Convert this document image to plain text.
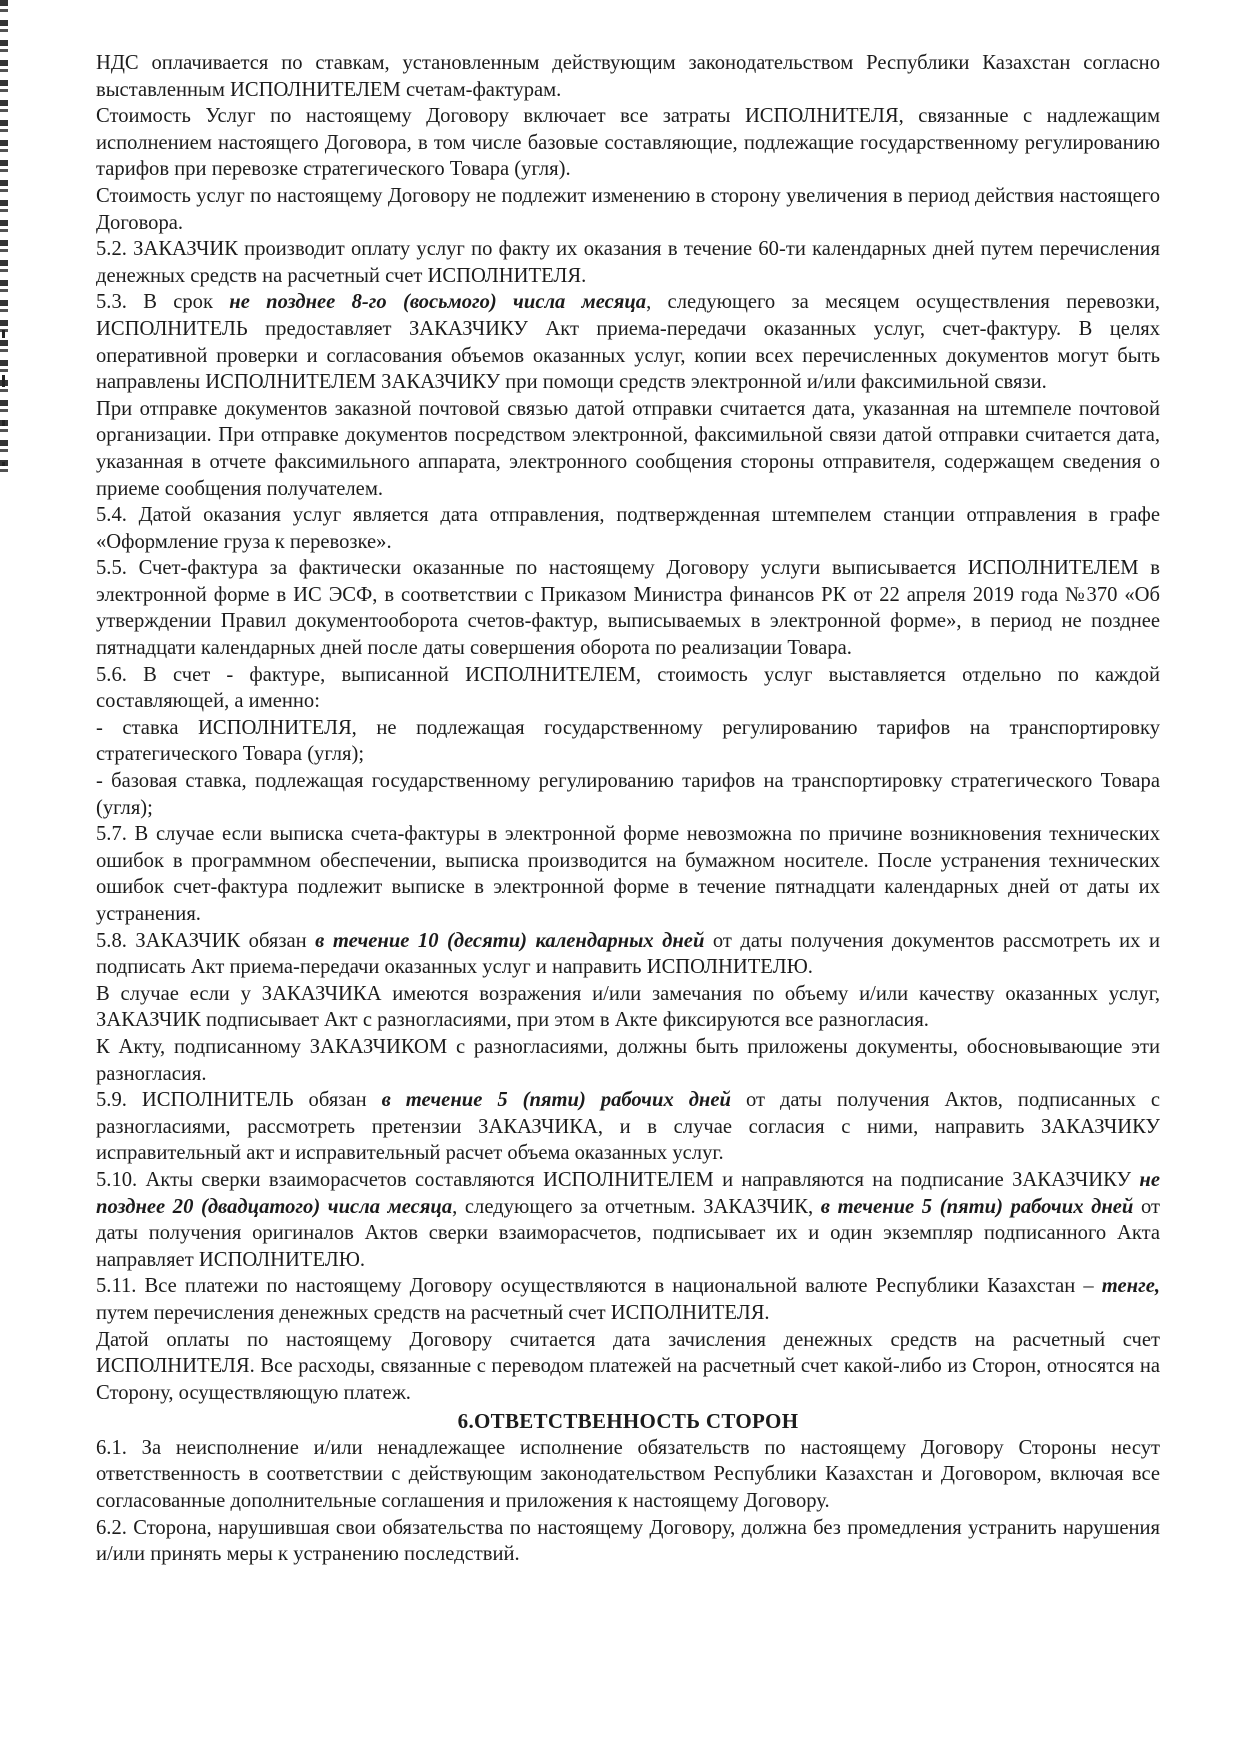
НДС оплачивается по ставкам, установленным действующим законодательством Республики Казахстан согласно выставленным ИСПОЛНИТЕЛЕМ счетам-фактурам.

Стоимость Услуг по настоящему Договору включает все затраты ИСПОЛНИТЕЛЯ, связанные с надлежащим исполнением настоящего Договора, в том числе базовые составляющие, подлежащие государственному регулированию тарифов при перевозке стратегического Товара (угля).

Стоимость услуг по настоящему Договору не подлежит изменению в сторону увеличения в период действия настоящего Договора.

5.2. ЗАКАЗЧИК производит оплату услуг по факту их оказания в течение 60-ти календарных дней путем перечисления денежных средств на расчетный счет ИСПОЛНИТЕЛЯ.

5.3. В срок не позднее 8-го (восьмого) числа месяца, следующего за месяцем осуществления перевозки, ИСПОЛНИТЕЛЬ предоставляет ЗАКАЗЧИКУ Акт приема-передачи оказанных услуг, счет-фактуру. В целях оперативной проверки и согласования объемов оказанных услуг, копии всех перечисленных документов могут быть направлены ИСПОЛНИТЕЛЕМ ЗАКАЗЧИКУ при помощи средств электронной и/или факсимильной связи.

При отправке документов заказной почтовой связью датой отправки считается дата, указанная на штемпеле почтовой организации. При отправке документов посредством электронной, факсимильной связи датой отправки считается дата, указанная в отчете факсимильного аппарата, электронного сообщения стороны отправителя, содержащем сведения о приеме сообщения получателем.

5.4. Датой оказания услуг является дата отправления, подтвержденная штемпелем станции отправления в графе «Оформление груза к перевозке».

5.5. Счет-фактура за фактически оказанные по настоящему Договору услуги выписывается ИСПОЛНИТЕЛЕМ в электронной форме в ИС ЭСФ, в соответствии с Приказом Министра финансов РК от 22 апреля 2019 года №370 «Об утверждении Правил документооборота счетов-фактур, выписываемых в электронной форме», в период не позднее пятнадцати календарных дней после даты совершения оборота по реализации Товара.

5.6. В счет - фактуре, выписанной ИСПОЛНИТЕЛЕМ, стоимость услуг выставляется отдельно по каждой составляющей, а именно:

- ставка ИСПОЛНИТЕЛЯ, не подлежащая государственному регулированию тарифов на транспортировку стратегического Товара (угля);

- базовая ставка, подлежащая государственному регулированию тарифов на транспортировку стратегического Товара (угля);

5.7. В случае если выписка счета-фактуры в электронной форме невозможна по причине возникновения технических ошибок в программном обеспечении, выписка производится на бумажном носителе. После устранения технических ошибок счет-фактура подлежит выписке в электронной форме в течение пятнадцати календарных дней от даты их устранения.

5.8. ЗАКАЗЧИК обязан в течение 10 (десяти) календарных дней от даты получения документов рассмотреть их и подписать Акт приема-передачи оказанных услуг и направить ИСПОЛНИТЕЛЮ.

В случае если у ЗАКАЗЧИКА имеются возражения и/или замечания по объему и/или качеству оказанных услуг, ЗАКАЗЧИК подписывает Акт с разногласиями, при этом в Акте фиксируются все разногласия.

К Акту, подписанному ЗАКАЗЧИКОМ с разногласиями, должны быть приложены документы, обосновывающие эти разногласия.

5.9. ИСПОЛНИТЕЛЬ обязан в течение 5 (пяти) рабочих дней от даты получения Актов, подписанных с разногласиями, рассмотреть претензии ЗАКАЗЧИКА, и в случае согласия с ними, направить ЗАКАЗЧИКУ исправительный акт и исправительный расчет объема оказанных услуг.

5.10. Акты сверки взаиморасчетов составляются ИСПОЛНИТЕЛЕМ и направляются на подписание ЗАКАЗЧИКУ не позднее 20 (двадцатого) числа месяца, следующего за отчетным. ЗАКАЗЧИК, в течение 5 (пяти) рабочих дней от даты получения оригиналов Актов сверки взаиморасчетов, подписывает их и один экземпляр подписанного Акта направляет ИСПОЛНИТЕЛЮ.

5.11. Все платежи по настоящему Договору осуществляются в национальной валюте Республики Казахстан – тенге, путем перечисления денежных средств на расчетный счет ИСПОЛНИТЕЛЯ.

Датой оплаты по настоящему Договору считается дата зачисления денежных средств на расчетный счет ИСПОЛНИТЕЛЯ. Все расходы, связанные с переводом платежей на расчетный счет какой-либо из Сторон, относятся на Сторону, осуществляющую платеж.

6.ОТВЕТСТВЕННОСТЬ СТОРОН

6.1. За неисполнение и/или ненадлежащее исполнение обязательств по настоящему Договору Стороны несут ответственность в соответствии с действующим законодательством Республики Казахстан и Договором, включая все согласованные дополнительные соглашения и приложения к настоящему Договору.

6.2. Сторона, нарушившая свои обязательства по настоящему Договору, должна без промедления устранить нарушения и/или принять меры к устранению последствий.
